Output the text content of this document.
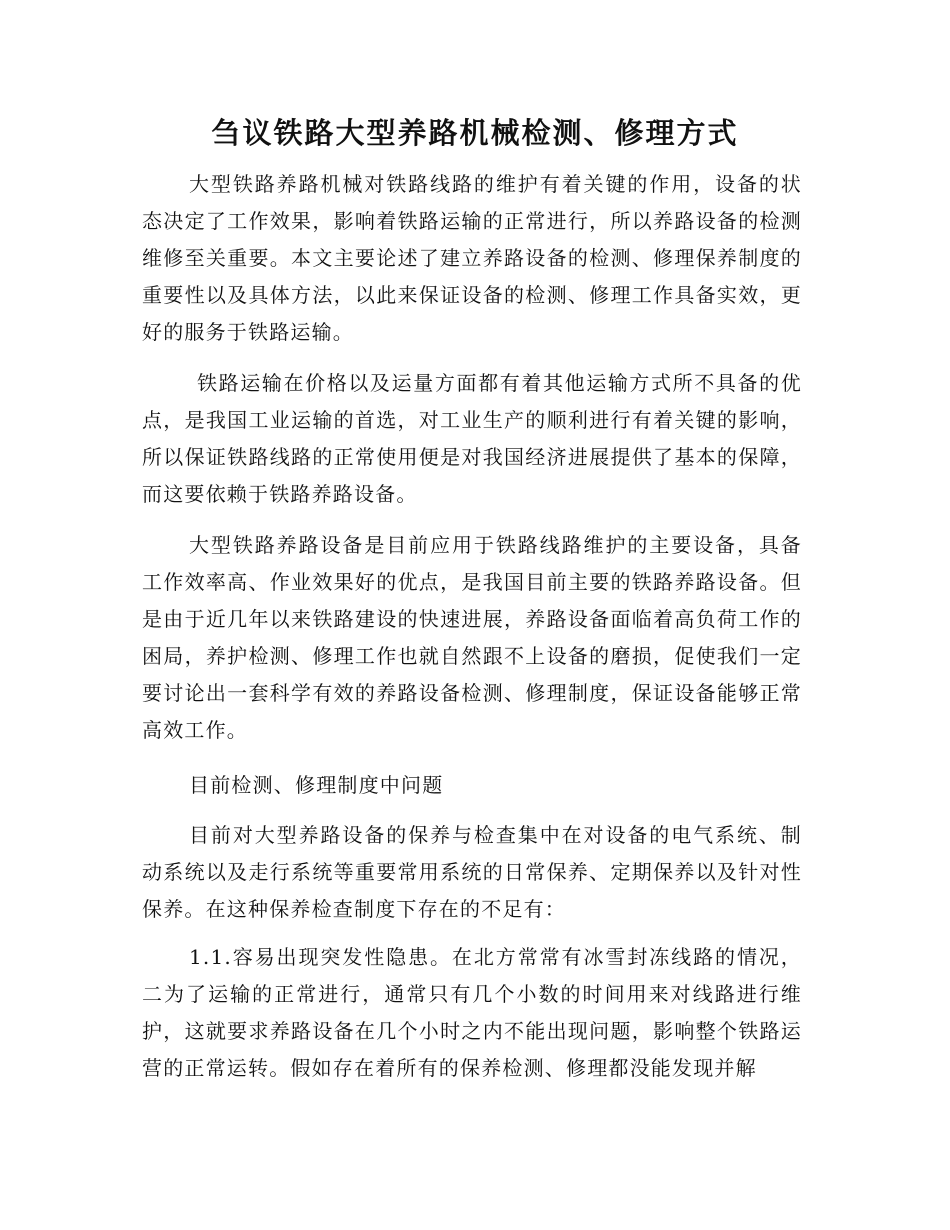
刍议铁路大型养路机械检测、修理方式

大型铁路养路机械对铁路线路的维护有着关键的作用，设备的状态决定了工作效果，影响着铁路运输的正常进行，所以养路设备的检测维修至关重要。本文主要论述了建立养路设备的检测、修理保养制度的重要性以及具体方法，以此来保证设备的检测、修理工作具备实效，更好的服务于铁路运输。

铁路运输在价格以及运量方面都有着其他运输方式所不具备的优点，是我国工业运输的首选，对工业生产的顺利进行有着关键的影响，所以保证铁路线路的正常使用便是对我国经济进展提供了基本的保障，而这要依赖于铁路养路设备。

大型铁路养路设备是目前应用于铁路线路维护的主要设备，具备工作效率高、作业效果好的优点，是我国目前主要的铁路养路设备。但是由于近几年以来铁路建设的快速进展，养路设备面临着高负荷工作的困局，养护检测、修理工作也就自然跟不上设备的磨损，促使我们一定要讨论出一套科学有效的养路设备检测、修理制度，保证设备能够正常高效工作。

目前检测、修理制度中问题

目前对大型养路设备的保养与检查集中在对设备的电气系统、制动系统以及走行系统等重要常用系统的日常保养、定期保养以及针对性保养。在这种保养检查制度下存在的不足有：

1.1.容易出现突发性隐患。在北方常常有冰雪封冻线路的情况，二为了运输的正常进行，通常只有几个小数的时间用来对线路进行维护，这就要求养路设备在几个小时之内不能出现问题，影响整个铁路运营的正常运转。假如存在着所有的保养检测、修理都没能发现并解
